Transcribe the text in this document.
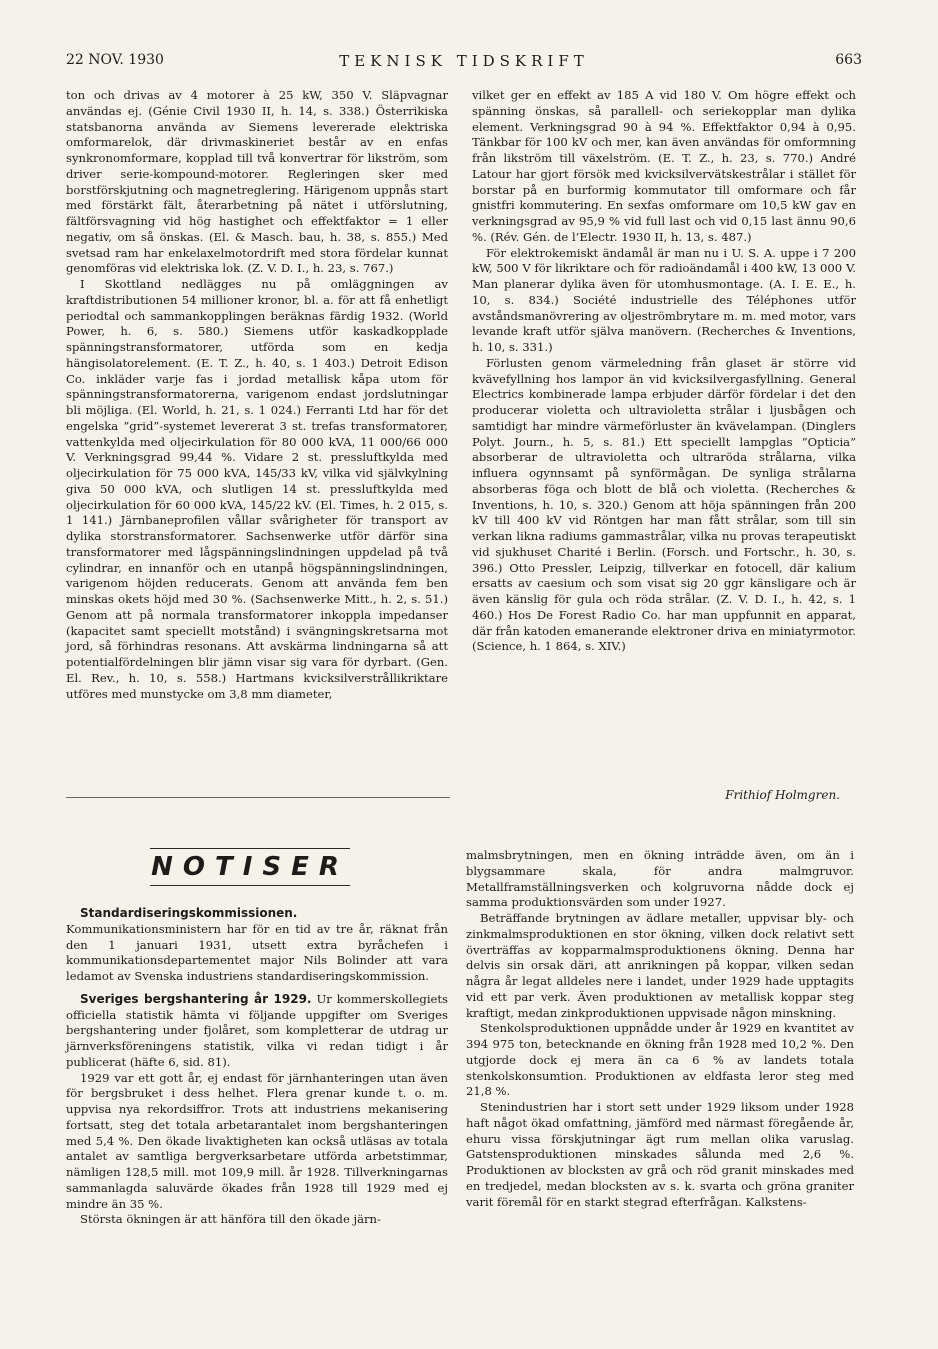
22 NOV. 1930	TEKNISK TIDSKRIFT	663

ton och drivas av 4 motorer à 25 kW, 350 V. Släpvagnar användas ej. (Génie Civil 1930 II, h. 14, s. 338.) Österrikiska statsbanorna använda av Siemens levererade elektriska omformarelok, där drivmaskineriet består av en enfas synkronomformare, kopplad till två konvertrar för likström, som driver serie-kompound-motorer. Regleringen sker med borstförskjutning och magnetreglering. Härigenom uppnås start med förstärkt fält, återarbetning på nätet i utförslutning, fältförsvagning vid hög hastighet och effektfaktor = 1 eller negativ, om så önskas. (El. & Masch. bau, h. 38, s. 855.) Med svetsad ram har enkelaxelmotordrift med stora fördelar kunnat genomföras vid elektriska lok. (Z. V. D. I., h. 23, s. 767.)

I Skottland nedlägges nu på omläggningen av kraftdistributionen 54 millioner kronor, bl. a. för att få enhetligt periodtal och sammankopplingen beräknas färdig 1932. (World Power, h. 6, s. 580.) Siemens utför kaskadkopplade spänningstransformatorer, utförda som en kedja hängisolatorelement. (E. T. Z., h. 40, s. 1 403.) Detroit Edison Co. inkläder varje fas i jordad metallisk kåpa utom för spänningstransformatorerna, varigenom endast jordslutningar bli möjliga. (El. World, h. 21, s. 1 024.) Ferranti Ltd har för det engelska ”grid”-systemet levererat 3 st. trefas transformatorer, vattenkylda med oljecirkulation för 80 000 kVA, 11 000/66 000 V. Verkningsgrad 99,44 %. Vidare 2 st. pressluftkylda med oljecirkulation för 75 000 kVA, 145/33 kV, vilka vid självkylning giva 50 000 kVA, och slutligen 14 st. pressluftkylda med oljecirkulation för 60 000 kVA, 145/22 kV. (El. Times, h. 2 015, s. 1 141.) Järnbaneprofilen vållar svårigheter för transport av dylika storstransformatorer. Sachsenwerke utför därför sina transformatorer med lågspänningslindningen uppdelad på två cylindrar, en innanför och en utanpå högspänningslindningen, varigenom höjden reducerats. Genom att använda fem ben minskas okets höjd med 30 %. (Sachsenwerke Mitt., h. 2, s. 51.) Genom att på normala transformatorer inkoppla impedanser (kapacitet samt speciellt motstånd) i svängningskretsarna mot jord, så förhindras resonans. Att avskärma lindningarna så att potentialfördelningen blir jämn visar sig vara för dyrbart. (Gen. El. Rev., h. 10, s. 558.) Hartmans kvicksilverstrållikriktare utföres med munstycke om 3,8 mm diameter,

vilket ger en effekt av 185 A vid 180 V. Om högre effekt och spänning önskas, så parallell- och seriekopplar man dylika element. Verkningsgrad 90 à 94 %. Effektfaktor 0,94 à 0,95. Tänkbar för 100 kV och mer, kan även användas för omformning från likström till växelström. (E. T. Z., h. 23, s. 770.) André Latour har gjort försök med kvicksilvervätskestrålar i stället för borstar på en burformig kommutator till omformare och får gnistfri kommutering. En sexfas omformare om 10,5 kW gav en verkningsgrad av 95,9 % vid full last och vid 0,15 last ännu 90,6 %. (Rév. Gén. de l’Electr. 1930 II, h. 13, s. 487.)

För elektrokemiskt ändamål är man nu i U. S. A. uppe i 7 200 kW, 500 V för likriktare och för radioändamål i 400 kW, 13 000 V. Man planerar dylika även för utomhusmontage. (A. I. E. E., h. 10, s. 834.) Société industrielle des Téléphones utför avståndsmanövrering av oljeströmbrytare m. m. med motor, vars levande kraft utför själva manövern. (Recherches & Inventions, h. 10, s. 331.)

Förlusten genom värmeledning från glaset är större vid kvävefyllning hos lampor än vid kvicksilvergasfyllning. General Electrics kombinerade lampa erbjuder därför fördelar i det den producerar violetta och ultravioletta strålar i ljusbågen och samtidigt har mindre värmeförluster än kvävelampan. (Dinglers Polyt. Journ., h. 5, s. 81.) Ett speciellt lampglas ”Opticia” absorberar de ultravioletta och ultraröda strålarna, vilka influera ogynnsamt på synförmågan. De synliga strålarna absorberas föga och blott de blå och violetta. (Recherches & Inventions, h. 10, s. 320.) Genom att höja spänningen från 200 kV till 400 kV vid Röntgen har man fått strålar, som till sin verkan likna radiums gammastrålar, vilka nu provas terapeutiskt vid sjukhuset Charité i Berlin. (Forsch. und Fortschr., h. 30, s. 396.) Otto Pressler, Leipzig, tillverkar en fotocell, där kalium ersatts av caesium och som visat sig 20 ggr känsligare och är även känslig för gula och röda strålar. (Z. V. D. I., h. 42, s. 1 460.) Hos De Forest Radio Co. har man uppfunnit en apparat, där från katoden emanerande elektroner driva en miniatyrmotor. (Science, h. 1 864, s. XIV.)

Frithiof Holmgren.
NOTISER

Standardiseringskommissionen. Kommunikationsministern har för en tid av tre år, räknat från den 1 januari 1931, utsett extra byråchefen i kommunikationsdepartementet major Nils Bolinder att vara ledamot av Svenska industriens standardiseringskommission.

Sveriges bergshantering år 1929. Ur kommerskollegiets officiella statistik hämta vi följande uppgifter om Sveriges bergshantering under fjolåret, som kompletterar de utdrag ur järnverksföreningens statistik, vilka vi redan tidigt i år publicerat (häfte 6, sid. 81).

1929 var ett gott år, ej endast för järnhanteringen utan även för bergsbruket i dess helhet. Flera grenar kunde t. o. m. uppvisa nya rekordsiffror. Trots att industriens mekanisering fortsatt, steg det totala arbetarantalet inom bergshanteringen med 5,4 %. Den ökade livaktigheten kan också utläsas av totala antalet av samtliga bergverksarbetare utförda arbetstimmar, nämligen 128,5 mill. mot 109,9 mill. år 1928. Tillverkningarnas sammanlagda saluvärde ökades från 1928 till 1929 med ej mindre än 35 %.

Största ökningen är att hänföra till den ökade järn-

malmsbrytningen, men en ökning inträdde även, om än i blygsammare skala, för andra malmgruvor. Metallframställningsverken och kolgruvorna nådde dock ej samma produktionsvärden som under 1927.

Beträffande brytningen av ädlare metaller, uppvisar bly- och zinkmalmsproduktionen en stor ökning, vilken dock relativt sett överträffas av kopparmalmsproduktionens ökning. Denna har delvis sin orsak däri, att anrikningen på koppar, vilken sedan några år legat alldeles nere i landet, under 1929 hade upptagits vid ett par verk. Även produktionen av metallisk koppar steg kraftigt, medan zinkproduktionen uppvisade någon minskning.

Stenkolsproduktionen uppnådde under år 1929 en kvantitet av 394 975 ton, betecknande en ökning från 1928 med 10,2 %. Den utgjorde dock ej mera än ca 6 % av landets totala stenkolskonsumtion. Produktionen av eldfasta leror steg med 21,8 %.

Stenindustrien har i stort sett under 1929 liksom under 1928 haft något ökad omfattning, jämförd med närmast föregående år, ehuru vissa förskjutningar ägt rum mellan olika varuslag. Gatstensproduktionen minskades sålunda med 2,6 %. Produktionen av blocksten av grå och röd granit minskades med en tredjedel, medan blocksten av s. k. svarta och gröna graniter varit föremål för en starkt stegrad efterfrågan. Kalkstens-
